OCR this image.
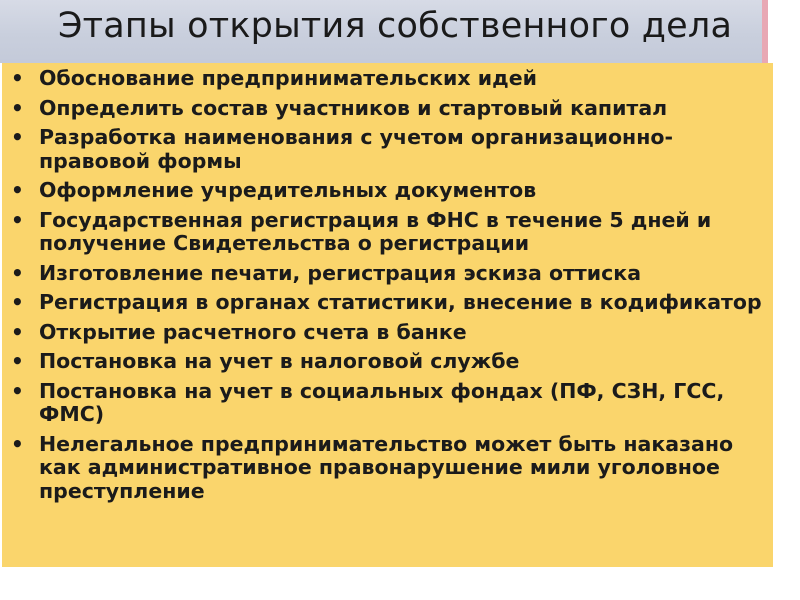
Этапы открытия собственного дела
• Обоснование предпринимательских идей
• Определить состав участников и стартовый капитал
• Разработка наименования с учетом организационно-правовой формы
• Оформление учредительных документов
• Государственная регистрация в ФНС в течение 5 дней и получение Свидетельства о регистрации
• Изготовление печати, регистрация эскиза оттиска
• Регистрация в органах статистики, внесение в кодификатор
• Открытие расчетного счета в банке
• Постановка на учет в налоговой службе
• Постановка на учет в социальных фондах (ПФ, СЗН, ГСС, ФМС)
• Нелегальное предпринимательство может быть наказано как административное правонарушение мили уголовное преступление
